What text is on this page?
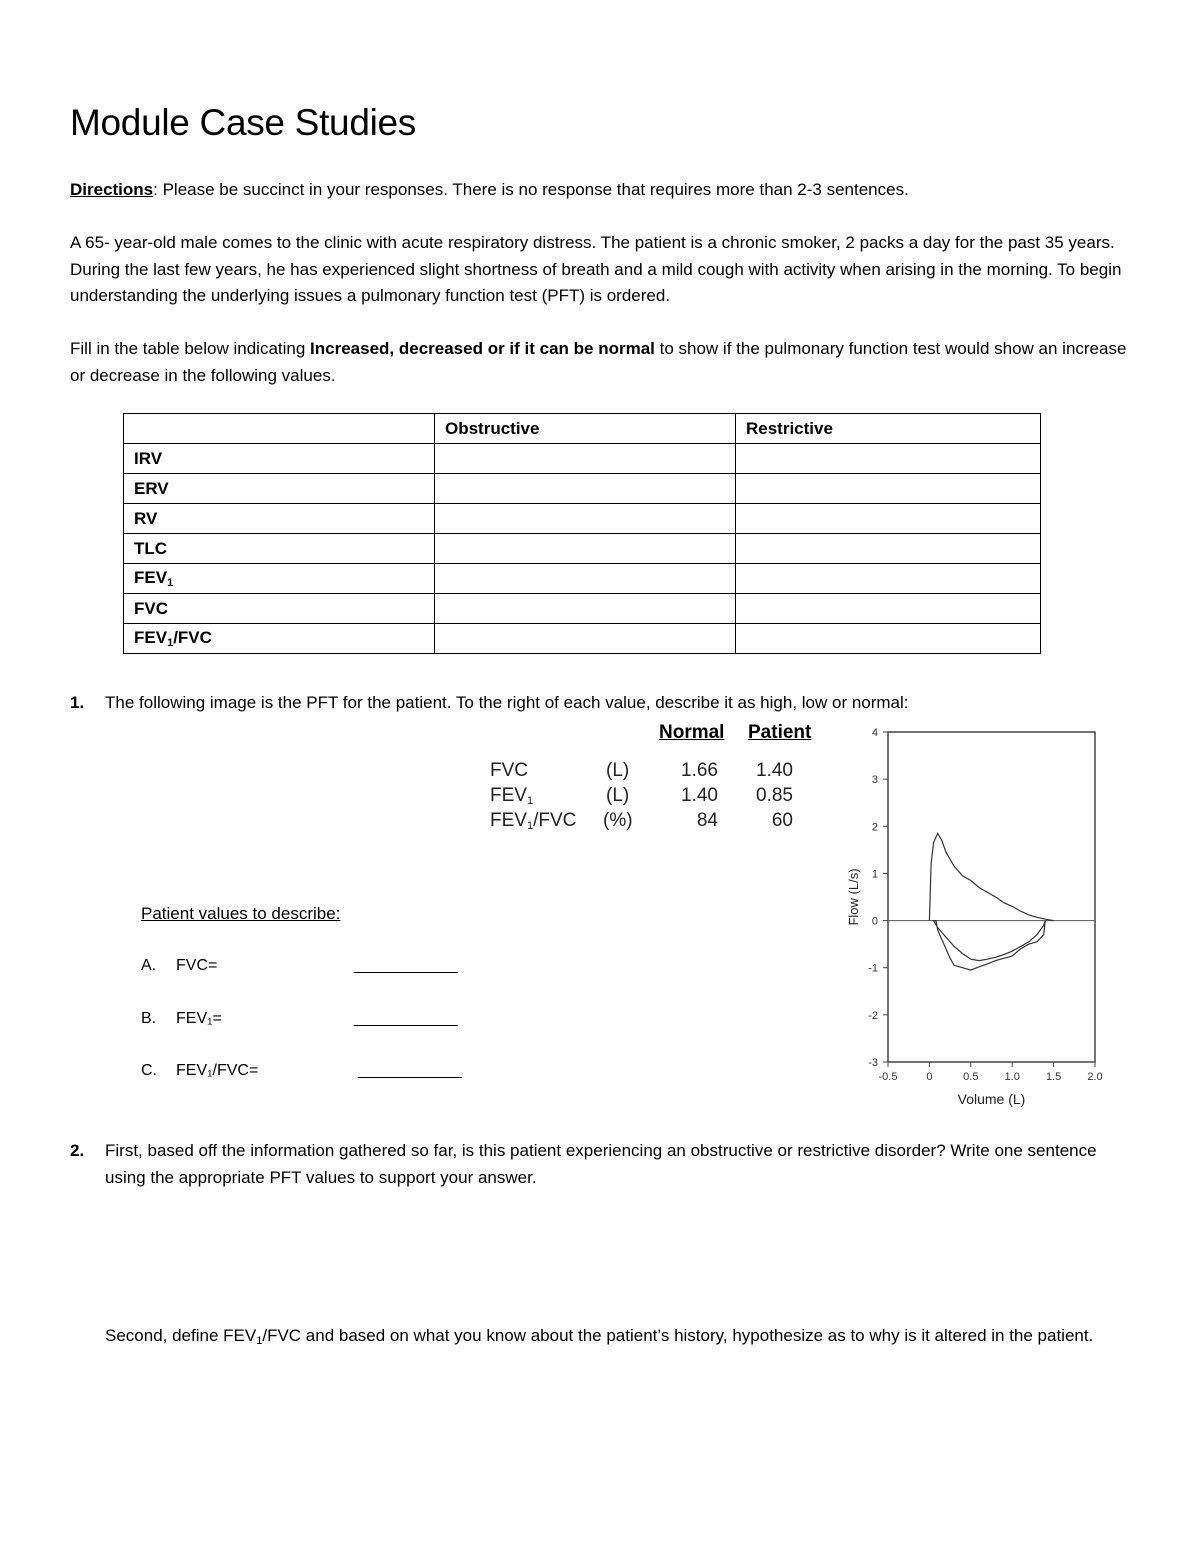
Module Case Studies

Directions: Please be succinct in your responses. There is no response that requires more than 2-3 sentences.

A 65- year-old male comes to the clinic with acute respiratory distress. The patient is a chronic smoker, 2 packs a day for the past 35 years. During the last few years, he has experienced slight shortness of breath and a mild cough with activity when arising in the morning. To begin understanding the underlying issues a pulmonary function test (PFT) is ordered.

Fill in the table below indicating Increased, decreased or if it can be normal to show if the pulmonary function test would show an increase or decrease in the following values.

	Obstructive	Restrictive
IRV		
ERV		
RV		
TLC		
$FEV_1$		
FVC		
$FEV_1$/FVC		
1. The following image is the PFT for the patient. To the right of each value, describe it as high, low or normal:
Normal Patient
FVC	(L)	1.66	1.40
$FEV_1$	(L)	1.40	0.85
$FEV_1$/FVC (%)	84	60
Patient values to describe:
A. FVC=	_____________
B. FEV₁=	_____________
C. FEV₁/FVC=	_____________	-0.5	0	0.5 1.0 1.5 2.0
-3
-2
-1
0
1
2
3
4
Volume (L)
Flow (L/s)
2. First, based off the information gathered so far, is this patient experiencing an obstructive or restrictive disorder? Write one sentence using the appropriate PFT values to support your answer.
Second, define $FEV_1$/FVC and based on what you know about the patient’s history, hypothesize as to why is it altered in the patient.
